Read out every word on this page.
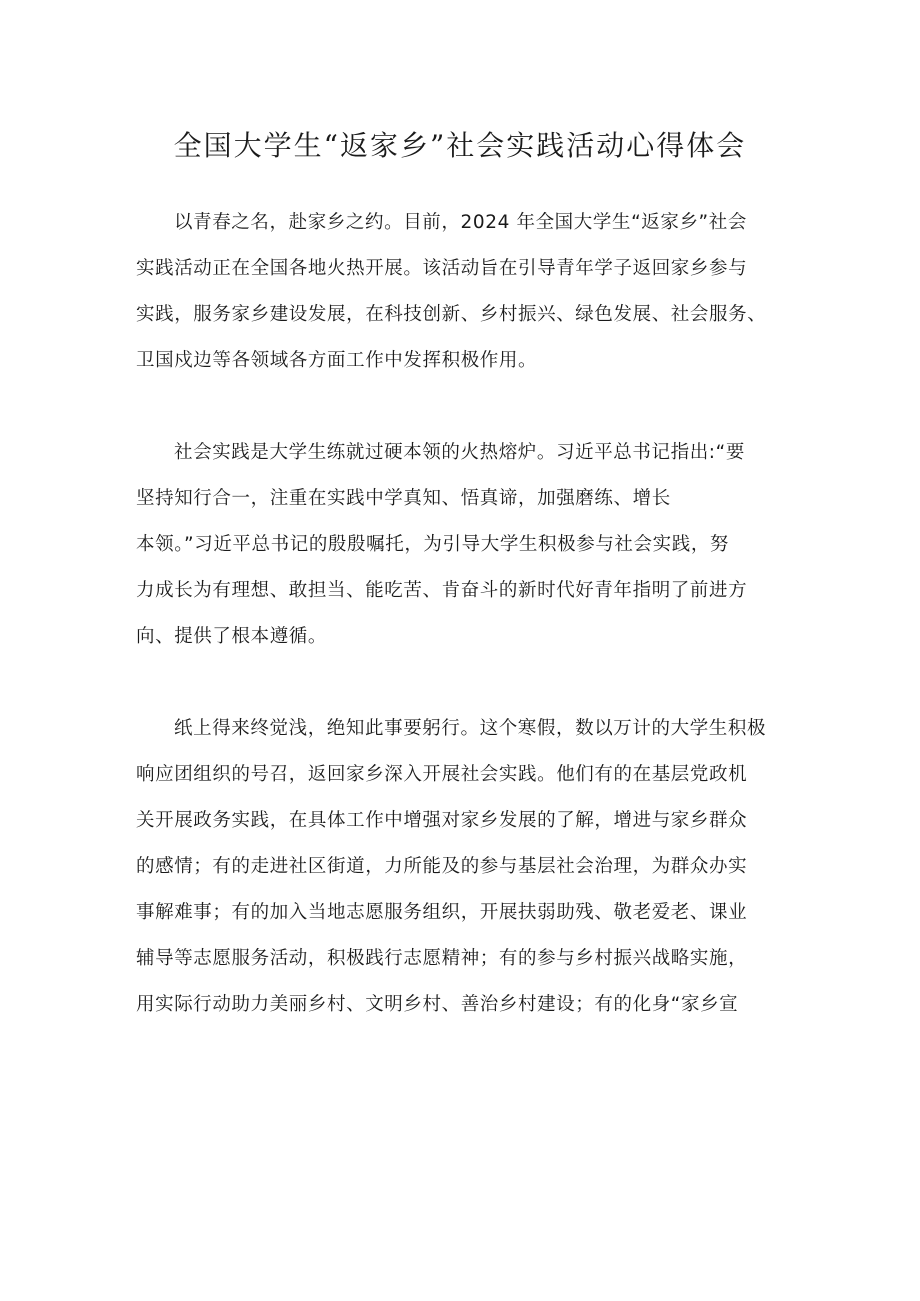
全国大学生“返家乡”社会实践活动心得体会

以青春之名，赴家乡之约。目前，2024 年全国大学生“返家乡”社会
实践活动正在全国各地火热开展。该活动旨在引导青年学子返回家乡参与
实践，服务家乡建设发展，在科技创新、乡村振兴、绿色发展、社会服务、
卫国戍边等各领域各方面工作中发挥积极作用。

社会实践是大学生练就过硬本领的火热熔炉。习近平总书记指出:“要
坚持知行合一，注重在实践中学真知、悟真谛，加强磨练、增长
本领。”习近平总书记的殷殷嘱托，为引导大学生积极参与社会实践，努
力成长为有理想、敢担当、能吃苦、肯奋斗的新时代好青年指明了前进方
向、提供了根本遵循。

纸上得来终觉浅，绝知此事要躬行。这个寒假，数以万计的大学生积极
响应团组织的号召，返回家乡深入开展社会实践。他们有的在基层党政机
关开展政务实践，在具体工作中增强对家乡发展的了解，增进与家乡群众
的感情；有的走进社区街道，力所能及的参与基层社会治理，为群众办实
事解难事；有的加入当地志愿服务组织，开展扶弱助残、敬老爱老、课业
辅导等志愿服务活动，积极践行志愿精神；有的参与乡村振兴战略实施，
用实际行动助力美丽乡村、文明乡村、善治乡村建设；有的化身“家乡宣
